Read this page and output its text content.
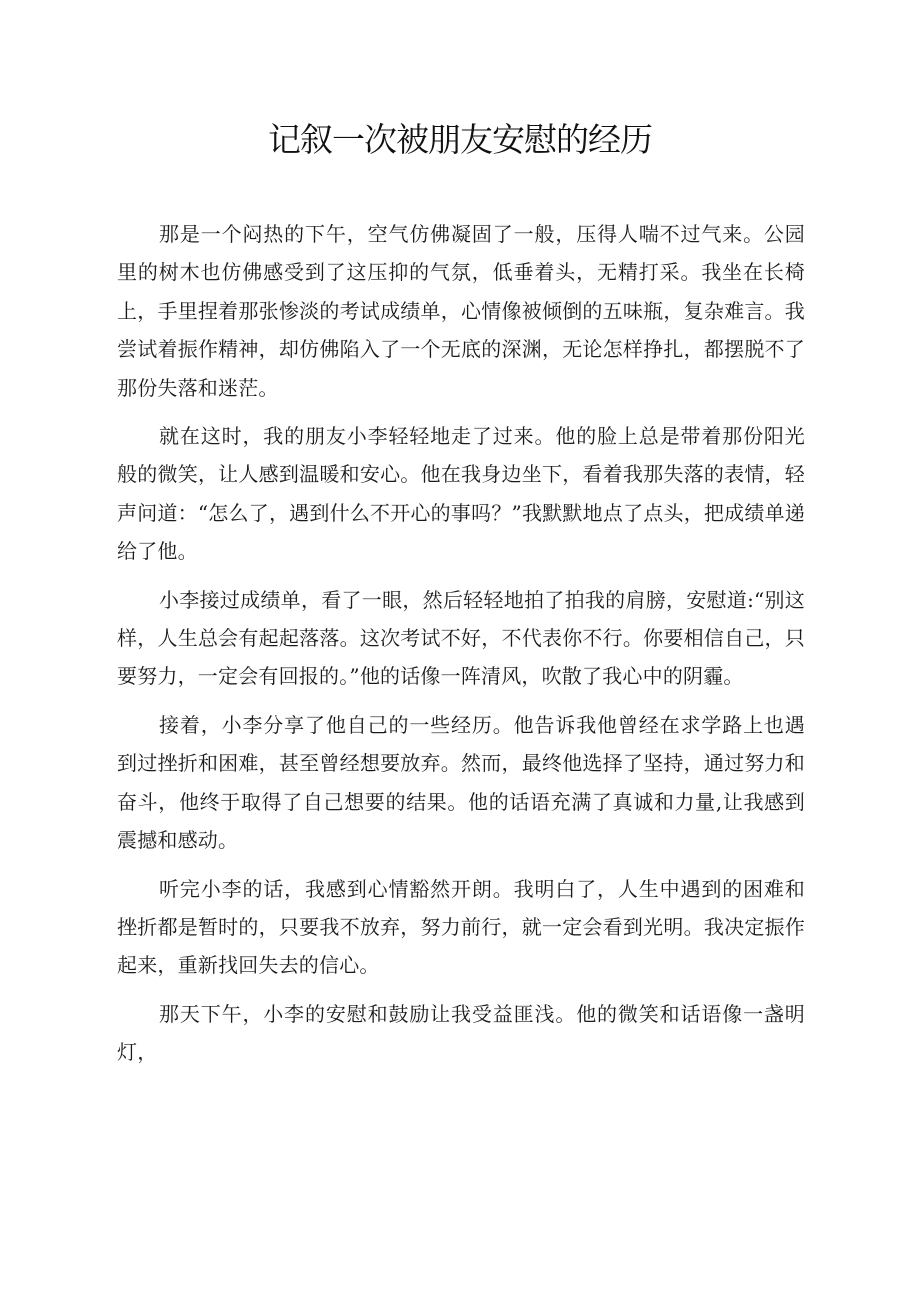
记叙一次被朋友安慰的经历

那是一个闷热的下午，空气仿佛凝固了一般，压得人喘不过气来。公园里的树木也仿佛感受到了这压抑的气氛，低垂着头，无精打采。我坐在长椅上，手里捏着那张惨淡的考试成绩单，心情像被倾倒的五味瓶，复杂难言。我尝试着振作精神，却仿佛陷入了一个无底的深渊，无论怎样挣扎，都摆脱不了那份失落和迷茫。

就在这时，我的朋友小李轻轻地走了过来。他的脸上总是带着那份阳光般的微笑，让人感到温暖和安心。他在我身边坐下，看着我那失落的表情，轻声问道：“怎么了，遇到什么不开心的事吗？”我默默地点了点头，把成绩单递给了他。

小李接过成绩单，看了一眼，然后轻轻地拍了拍我的肩膀，安慰道:“别这样，人生总会有起起落落。这次考试不好，不代表你不行。你要相信自己，只要努力，一定会有回报的。”他的话像一阵清风，吹散了我心中的阴霾。

接着，小李分享了他自己的一些经历。他告诉我他曾经在求学路上也遇到过挫折和困难，甚至曾经想要放弃。然而，最终他选择了坚持，通过努力和奋斗，他终于取得了自己想要的结果。他的话语充满了真诚和力量,让我感到震撼和感动。

听完小李的话，我感到心情豁然开朗。我明白了，人生中遇到的困难和挫折都是暂时的，只要我不放弃，努力前行，就一定会看到光明。我决定振作起来，重新找回失去的信心。

那天下午，小李的安慰和鼓励让我受益匪浅。他的微笑和话语像一盏明灯，
